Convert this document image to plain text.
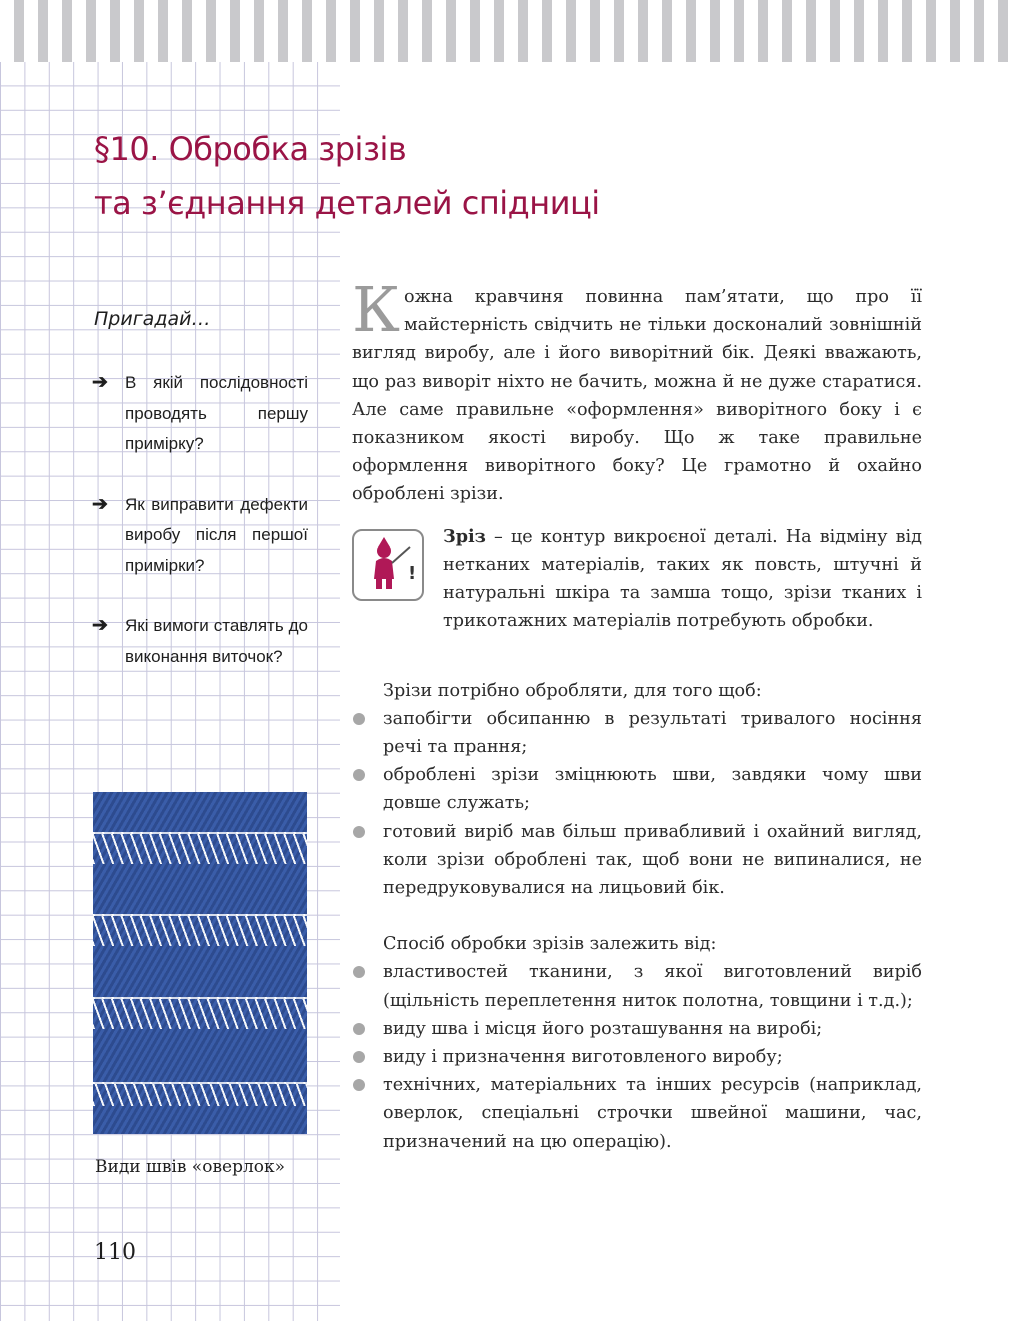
§10. Обробка зрізів
та з’єднання деталей спідниці
Пригадай…
➔ В якій послідовності проводять першу примірку?
➔ Як виправити дефекти виробу після першої примірки?
➔ Які вимоги ставлять до виконання виточок?
Види швів «оверлок»
110

Кожна кравчиня повинна пам’ятати, що про її майстерність свідчить не тільки досконалий зовнішній вигляд виробу, але і його виворітний бік. Деякі вважають, що раз виворіт ніхто не бачить, можна й не дуже старатися. Але саме правильне «оформлення» виворітного боку і є показником якості виробу. Що ж таке правильне оформлення виворітного боку? Це грамотно й охайно оброблені зрізи.

!

Зріз – це контур викроєної деталі. На відміну від нетканих матеріалів, таких як повсть, штучні й натуральні шкіра та замша тощо, зрізи тканих і трикотажних матеріалів потребують обробки.

Зрізи потрібно обробляти, для того щоб:

запобігти обсипанню в результаті тривалого носіння речі та прання;
оброблені зрізи зміцнюють шви, завдяки чому шви довше служать;
готовий виріб мав більш привабливий і охайний вигляд, коли зрізи оброблені так, щоб вони не випиналися, не передруковувалися на лицьовий бік.

Спосіб обробки зрізів залежить від:

властивостей тканини, з якої виготовлений виріб (щільність переплетення ниток полотна, товщини і т.д.);
виду шва і місця його розташування на виробі;
виду і призначення виготовленого виробу;
технічних, матеріальних та інших ресурсів (наприклад, оверлок, спеціальні строчки швейної машини, час, призначений на цю операцію).
